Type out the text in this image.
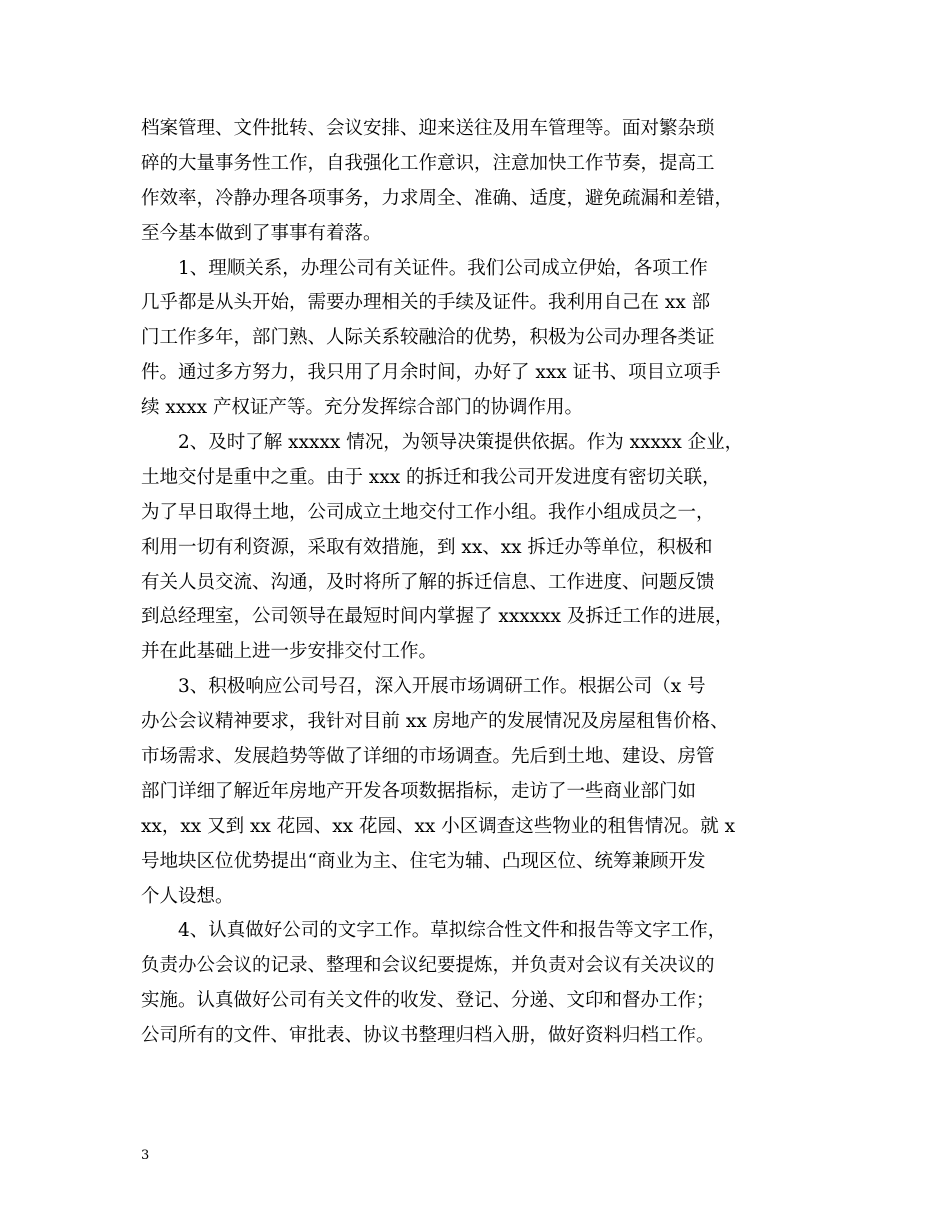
档案管理、文件批转、会议安排、迎来送往及用车管理等。面对繁杂琐
碎的大量事务性工作，自我强化工作意识，注意加快工作节奏，提高工
作效率，冷静办理各项事务，力求周全、准确、适度，避免疏漏和差错，
至今基本做到了事事有着落。
1、理顺关系，办理公司有关证件。我们公司成立伊始，各项工作
几乎都是从头开始，需要办理相关的手续及证件。我利用自己在 xx 部
门工作多年，部门熟、人际关系较融洽的优势，积极为公司办理各类证
件。通过多方努力，我只用了月余时间，办好了 xxx 证书、项目立项手
续 xxxx 产权证产等。充分发挥综合部门的协调作用。
2、及时了解 xxxxx 情况，为领导决策提供依据。作为 xxxxx 企业，
土地交付是重中之重。由于 xxx 的拆迁和我公司开发进度有密切关联，
为了早日取得土地，公司成立土地交付工作小组。我作小组成员之一，
利用一切有利资源，采取有效措施，到 xx、xx 拆迁办等单位，积极和
有关人员交流、沟通，及时将所了解的拆迁信息、工作进度、问题反馈
到总经理室，公司领导在最短时间内掌握了 xxxxxx 及拆迁工作的进展，
并在此基础上进一步安排交付工作。
3、积极响应公司号召，深入开展市场调研工作。根据公司（x 号
办公会议精神要求，我针对目前 xx 房地产的发展情况及房屋租售价格、
市场需求、发展趋势等做了详细的市场调查。先后到土地、建设、房管
部门详细了解近年房地产开发各项数据指标，走访了一些商业部门如
xx，xx 又到 xx 花园、xx 花园、xx 小区调查这些物业的租售情况。就 x
号地块区位优势提出“商业为主、住宅为辅、凸现区位、统筹兼顾开发
个人设想。
4、认真做好公司的文字工作。草拟综合性文件和报告等文字工作，
负责办公会议的记录、整理和会议纪要提炼，并负责对会议有关决议的
实施。认真做好公司有关文件的收发、登记、分递、文印和督办工作；
公司所有的文件、审批表、协议书整理归档入册，做好资料归档工作。
3
